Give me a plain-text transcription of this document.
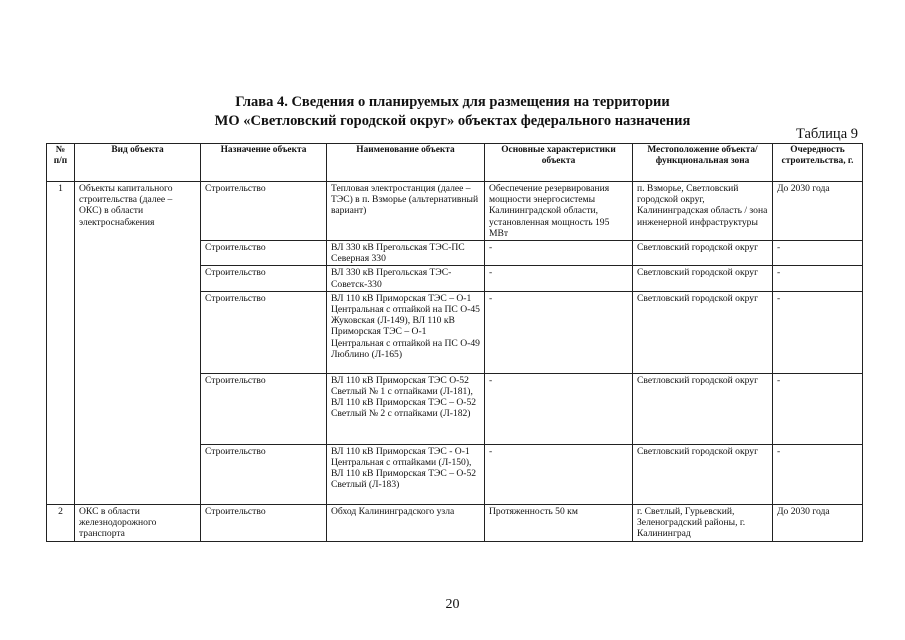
Глава 4. Сведения о планируемых для размещения на территории
МО «Светловский городской округ» объектах федерального назначения
Таблица 9
№ п/п	Вид объекта	Назначение объекта	Наименование объекта	Основные характеристики объекта	Местоположение объекта/функциональная зона	Очередность строительства, г.
1	Объекты капитального строительства (далее – ОКС) в области электроснабжения	Строительство	Тепловая электростанция (далее – ТЭС) в п. Взморье (альтернативный вариант)	Обеспечение резервирования мощности энергосистемы Калининградской области, установленная мощность 195 МВт	п. Взморье, Светловский городской округ, Калининградская область / зона инженерной инфраструктуры	До 2030 года
		Строительство	ВЛ 330 кВ Прегольская ТЭС-ПС Северная 330	-	Светловский городской округ	-
		Строительство	ВЛ 330 кВ Прегольская ТЭС-Советск-330	-	Светловский городской округ	-
		Строительство	ВЛ 110 кВ Приморская ТЭС – О-1 Центральная с отпайкой на ПС О-45 Жуковская (Л-149), ВЛ 110 кВ Приморская ТЭС – О-1 Центральная с отпайкой на ПС О-49 Люблино (Л-165)	-	Светловский городской округ	-
		Строительство	ВЛ 110 кВ Приморская ТЭС О-52 Светлый № 1 с отпайками (Л-181), ВЛ 110 кВ Приморская ТЭС – О-52 Светлый № 2 с отпайками (Л-182)	-	Светловский городской округ	-
		Строительство	ВЛ 110 кВ Приморская ТЭС - О-1 Центральная с отпайками (Л-150), ВЛ 110 кВ Приморская ТЭС – О-52 Светлый (Л-183)	-	Светловский городской округ	-
2	ОКС в области железнодорожного транспорта	Строительство	Обход Калининградского узла	Протяженность 50 км	г. Светлый, Гурьевский, Зеленоградский районы, г. Калининград	До 2030 года
20
